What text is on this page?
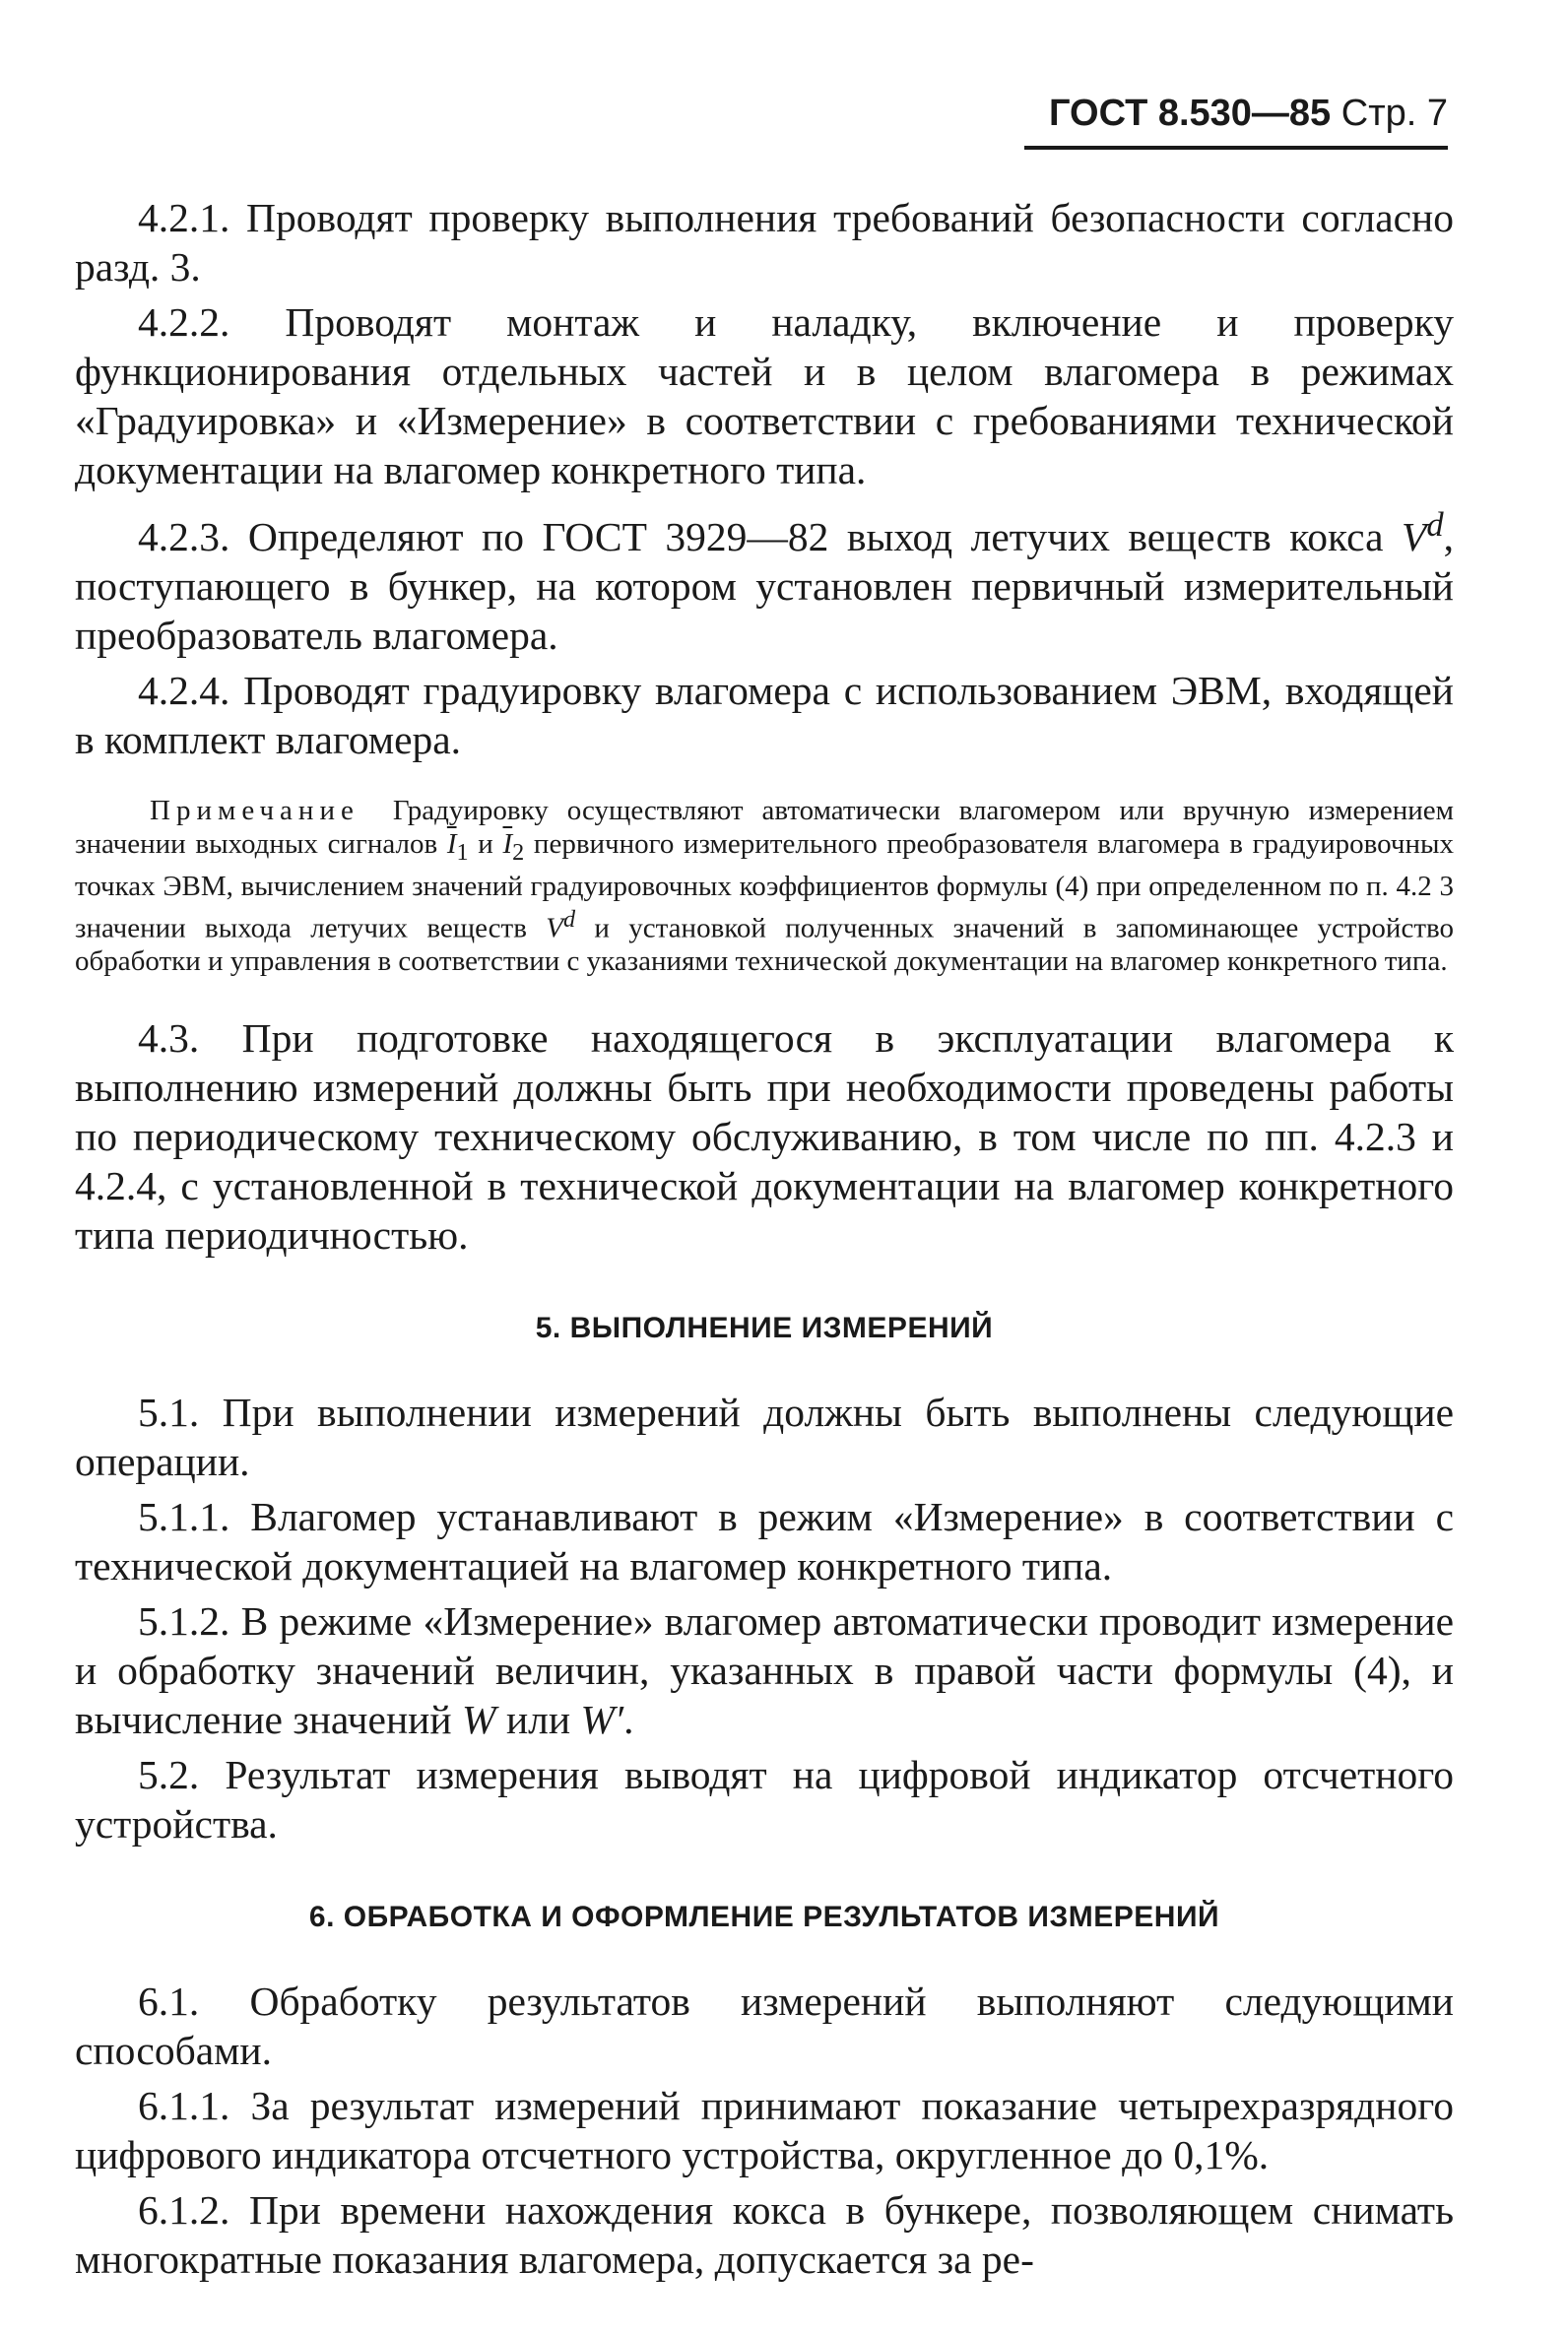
ГОСТ 8.530—85 Стр. 7

4.2.1. Проводят проверку выполнения требований безопасности согласно разд. 3.

4.2.2. Проводят монтаж и наладку, включение и проверку функционирования отдельных частей и в целом влагомера в режимах «Градуировка» и «Измерение» в соответствии с гребованиями технической документации на влагомер конкретного типа.

4.2.3. Определяют по ГОСТ 3929—82 выход летучих веществ кокса $V^d$, поступающего в бункер, на котором установлен первичный измерительный преобразователь влагомера.

4.2.4. Проводят градуировку влагомера с использованием ЭВМ, входящей в комплект влагомера.

Примечание Градуировку осуществляют автоматически влагомером или вручную измерением значении выходных сигналов $\overline{I}_1$ и $\overline{I}_2$ первичного измерительного преобразователя влагомера в градуировочных точках ЭВМ, вычислением значений градуировочных коэффициентов формулы (4) при определенном по п. 4.2 3 значении выхода летучих веществ $V^d$ и установкой полученных значений в запоминающее устройство обработки и управления в соответствии с указаниями технической документации на влагомер конкретного типа.

4.3. При подготовке находящегося в эксплуатации влагомера к выполнению измерений должны быть при необходимости проведены работы по периодическому техническому обслуживанию, в том числе по пп. 4.2.3 и 4.2.4, с установленной в технической документации на влагомер конкретного типа периодичностью.

5. ВЫПОЛНЕНИЕ ИЗМЕРЕНИЙ

5.1. При выполнении измерений должны быть выполнены следующие операции.

5.1.1. Влагомер устанавливают в режим «Измерение» в соответствии с технической документацией на влагомер конкретного типа.

5.1.2. В режиме «Измерение» влагомер автоматически проводит измерение и обработку значений величин, указанных в правой части формулы (4), и вычисление значений W или W′.

5.2. Результат измерения выводят на цифровой индикатор отсчетного устройства.

6. ОБРАБОТКА И ОФОРМЛЕНИЕ РЕЗУЛЬТАТОВ ИЗМЕРЕНИЙ

6.1. Обработку результатов измерений выполняют следующими способами.

6.1.1. За результат измерений принимают показание четырехразрядного цифрового индикатора отсчетного устройства, округленное до 0,1%.

6.1.2. При времени нахождения кокса в бункере, позволяющем снимать многократные показания влагомера, допускается за ре-
